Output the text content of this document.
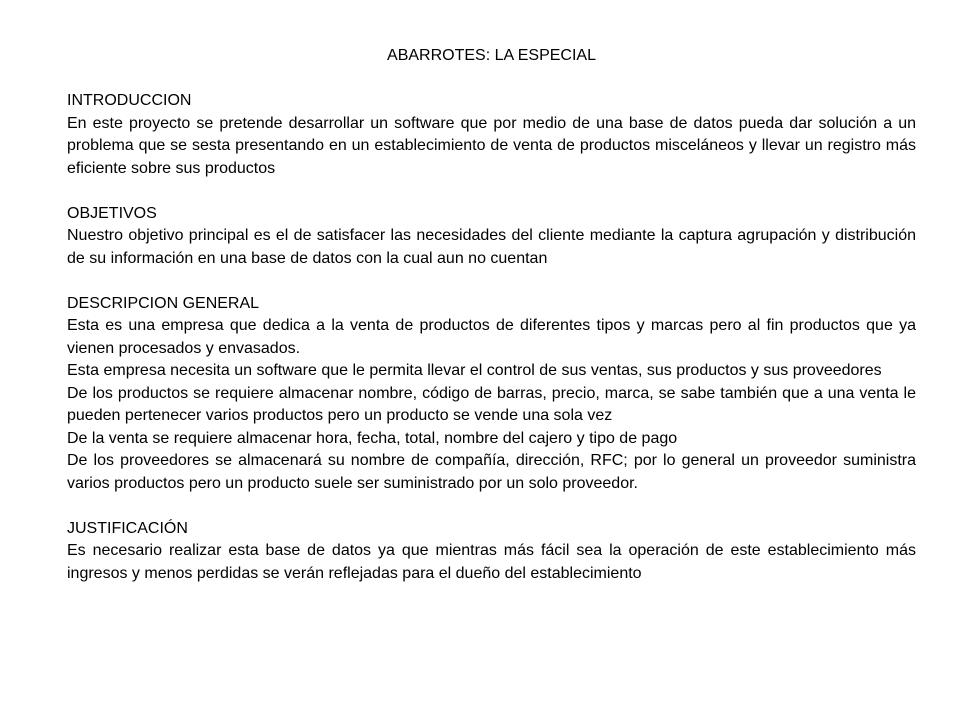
ABARROTES: LA ESPECIAL

INTRODUCCION

En este proyecto se pretende desarrollar un software que por medio de una base de datos pueda dar solución a un problema que se sesta presentando en un establecimiento de venta de productos misceláneos y llevar un registro más eficiente sobre sus productos

OBJETIVOS

Nuestro objetivo principal es el de satisfacer las necesidades del cliente mediante la captura agrupación y distribución de su información en una base de datos con la cual aun no cuentan

DESCRIPCION GENERAL

Esta es una empresa que dedica a la venta de productos de diferentes tipos y marcas pero al fin productos que ya vienen procesados y envasados.

Esta empresa necesita un software que le permita llevar el control de sus ventas, sus productos y sus proveedores

De los productos se requiere almacenar nombre, código de barras, precio, marca, se sabe también que a una venta le pueden pertenecer varios productos pero un producto se vende una sola vez

De la venta se requiere almacenar hora, fecha, total, nombre del cajero y tipo de pago

De los proveedores se almacenará su nombre de compañía, dirección, RFC; por lo general un proveedor suministra varios productos pero un producto suele ser suministrado por un solo proveedor.

JUSTIFICACIÓN

Es necesario realizar esta base de datos ya que mientras más fácil sea la operación de este establecimiento más ingresos y menos perdidas se verán reflejadas para el dueño del establecimiento
